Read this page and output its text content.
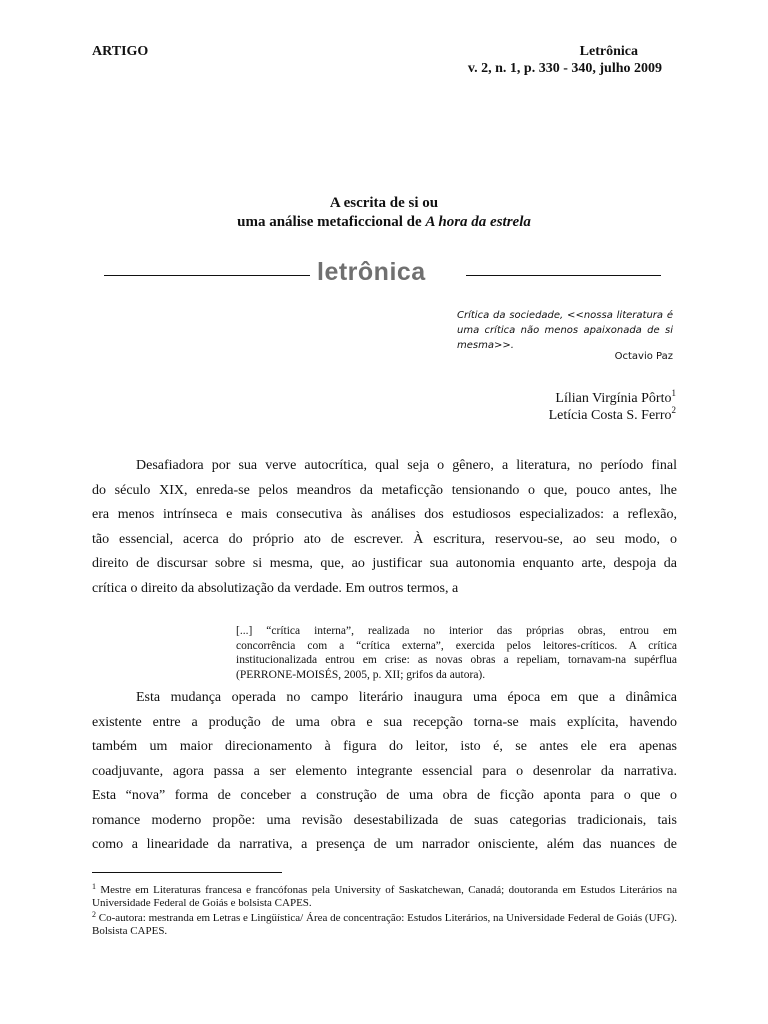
ARTIGO	Letrônica
v. 2, n. 1, p. 330 - 340, julho 2009
A escrita de si ou
uma análise metaficcional de A hora da estrela
letrônica
Crítica da sociedade, <<nossa literatura é
uma crítica não menos apaixonada de si
mesma>>.
Octavio Paz
Lílian Virgínia Pôrto$^1$
Letícia Costa S. Ferro$^2$

Desafiadora por sua verve autocrítica, qual seja o gênero, a literatura, no período final
do século XIX, enreda-se pelos meandros da metaficção tensionando o que, pouco antes, lhe
era menos intrínseca e mais consecutiva às análises dos estudiosos especializados: a reflexão,
tão essencial, acerca do próprio ato de escrever. À escritura, reservou-se, ao seu modo, o
direito de discursar sobre si mesma, que, ao justificar sua autonomia enquanto arte, despoja da
crítica o direito da absolutização da verdade. Em outros termos, a

[...] “crítica interna”, realizada no interior das próprias obras, entrou em
concorrência com a “crítica externa”, exercida pelos leitores-críticos. A crítica
institucionalizada entrou em crise: as novas obras a repeliam, tornavam-na supérflua
(PERRONE-MOISÉS, 2005, p. XII; grifos da autora).

Esta mudança operada no campo literário inaugura uma época em que a dinâmica
existente entre a produção de uma obra e sua recepção torna-se mais explícita, havendo
também um maior direcionamento à figura do leitor, isto é, se antes ele era apenas
coadjuvante, agora passa a ser elemento integrante essencial para o desenrolar da narrativa.
Esta “nova” forma de conceber a construção de uma obra de ficção aponta para o que o
romance moderno propõe: uma revisão desestabilizada de suas categorias tradicionais, tais
como a linearidade da narrativa, a presença de um narrador onisciente, além das nuances de

$^1$ Mestre em Literaturas francesa e francófonas pela University of Saskatchewan, Canadá; doutoranda em Estudos Literários na Universidade Federal de Goiás e bolsista CAPES.

$^2$ Co-autora: mestranda em Letras e Lingüística/ Área de concentração: Estudos Literários, na Universidade Federal de Goiás (UFG). Bolsista CAPES.
